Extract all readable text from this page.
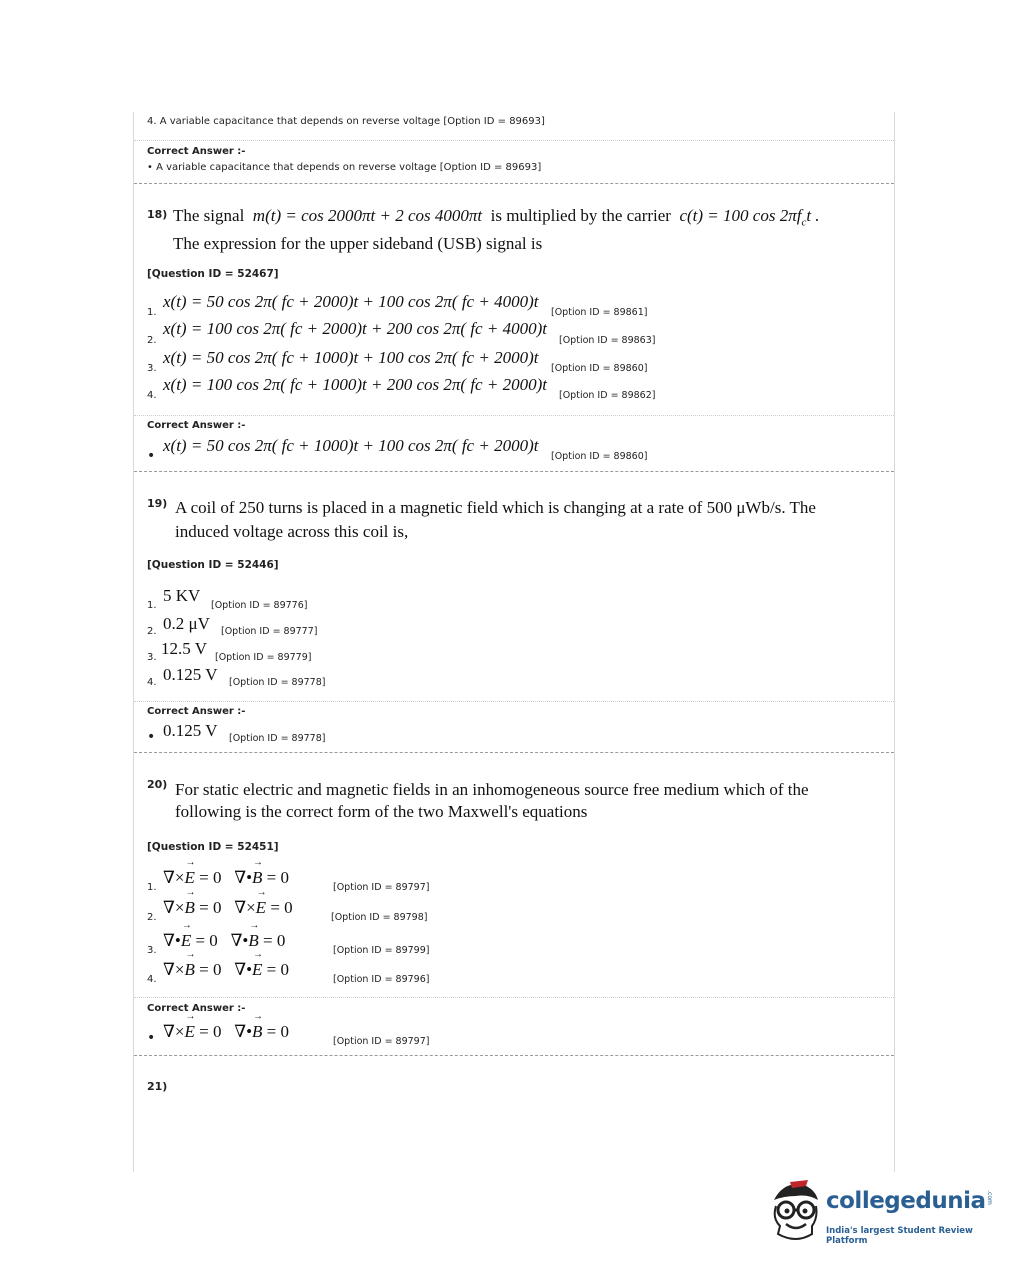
4. A variable capacitance that depends on reverse voltage [Option ID = 89693]
Correct Answer :-
• A variable capacitance that depends on reverse voltage [Option ID = 89693]
18) The signal m(t) = cos 2000πt + 2 cos 4000πt is multiplied by the carrier c(t) = 100 $\cos 2\pi f_ct$ .
The expression for the upper sideband (USB) signal is
[Question ID = 52467]
1.
x(t) = 50 cos 2π( fc + 2000)t + 100 cos 2π( fc + 4000)t
[Option ID = 89861]
2.
x(t) = 100 cos 2π( fc + 2000)t + 200 cos 2π( fc + 4000)t
[Option ID = 89863]
3.
x(t) = 50 cos 2π( fc + 1000)t + 100 cos 2π( fc + 2000)t
[Option ID = 89860]
4.
x(t) = 100 cos 2π( fc + 1000)t + 200 cos 2π( fc + 2000)t
[Option ID = 89862]
Correct Answer :-
•
x(t) = 50 cos 2π( fc + 1000)t + 100 cos 2π( fc + 2000)t
[Option ID = 89860]
19) A coil of 250 turns is placed in a magnetic field which is changing at a rate of 500 μWb/s. The
induced voltage across this coil is,
[Question ID = 52446]
1.
5 KV
[Option ID = 89776]
2. 0.2 μV [Option ID = 89777]
3. 12.5 V [Option ID = 89779]
4. 0.125 V [Option ID = 89778]
Correct Answer :-
• 0.125 V [Option ID = 89778]
20) For static electric and magnetic fields in an inhomogeneous source free medium which of the
following is the correct form of the two Maxwell's equations
[Question ID = 52451]
1.
∇×→ E = 0 ∇•→ B = 0
[Option ID = 89797]
2.
∇×→ B = 0 ∇×→ E = 0
[Option ID = 89798]
3.
∇•→ E = 0 ∇•→ B = 0
[Option ID = 89799]
4.
∇×→ B = 0 ∇•→ E = 0
[Option ID = 89796]
Correct Answer :-
• ∇×→ E = 0 ∇•→ B = 0
[Option ID = 89797]
21)
collegedunia .com
India's largest Student Review Platform
